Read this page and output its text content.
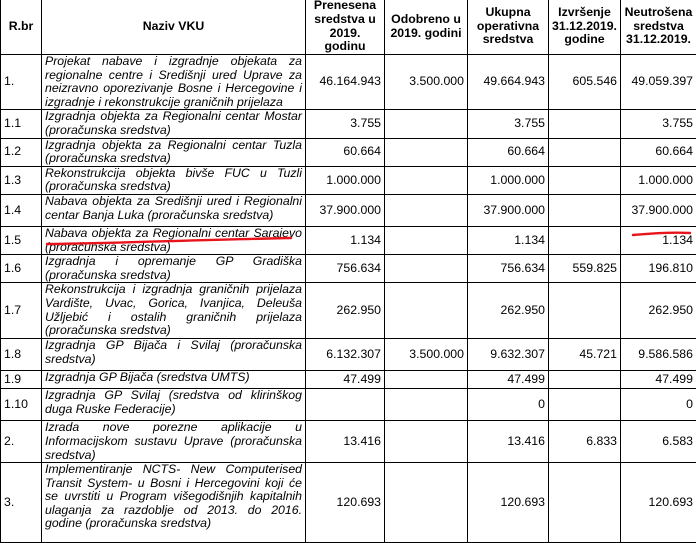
R.br	Naziv VKU	Prenesena sredstva u 2019. godinu	Odobreno u 2019. godini	Ukupna operativna sredstva	Izvršenje 31.12.2019. godine	Neutrošena sredstva 31.12.2019.
1.	Projekat nabave i izgradnje objekata za regionalne centre i Središnji ured Uprave za neizravno oporezivanje Bosne i Hercegovine i izgradnje i rekonstrukcije graničnih prijelaza	46.164.943	3.500.000	49.664.943	605.546	49.059.397
1.1	Izgradnja objekta za Regionalni centar Mostar (proračunska sredstva)	3.755		3.755		3.755
1.2	Izgradnja objekta za Regionalni centar Tuzla (proračunska sredstva)	60.664		60.664		60.664
1.3	Rekonstrukcija objekta bivše FUC u Tuzli (proračunska sredstva)	1.000.000		1.000.000		1.000.000
1.4	Nabava objekta za Središnji ured i Regionalni centar Banja Luka (proračunska sredstva)	37.900.000		37.900.000		37.900.000
1.5	Nabava objekta za Regionalni centar Sarajevo (proračunska sredstva)	1.134		1.134		1.134
1.6	Izgradnja i opremanje GP Gradiška (proračunska sredstva)	756.634		756.634	559.825	196.810
1.7	Rekonstrukcija i izgradnja graničnih prijelaza Vardište, Uvac, Gorica, Ivanjica, Deleuša Užljebić i ostalih graničnih prijelaza (proračunska sredstva)	262.950		262.950		262.950
1.8	Izgradnja GP Bijača i Svilaj (proračunska sredstva)	6.132.307	3.500.000	9.632.307	45.721	9.586.586
1.9	Izgradnja GP Bijača (sredstva UMTS)	47.499		47.499		47.499
1.10	Izgradnja GP Svilaj (sredstva od klirinškog duga Ruske Federacije)			0		0
2.	Izrada nove porezne aplikacije u Informacijskom sustavu Uprave (proračunska sredstva)	13.416		13.416	6.833	6.583
3.	Implementiranje NCTS- New Computerised Transit System- u Bosni i Hercegovini koji će se uvrstiti u Program višegodišnjih kapitalnih ulaganja za razdoblje od 2013. do 2016. godine (proračunska sredstva)	120.693		120.693		120.693
